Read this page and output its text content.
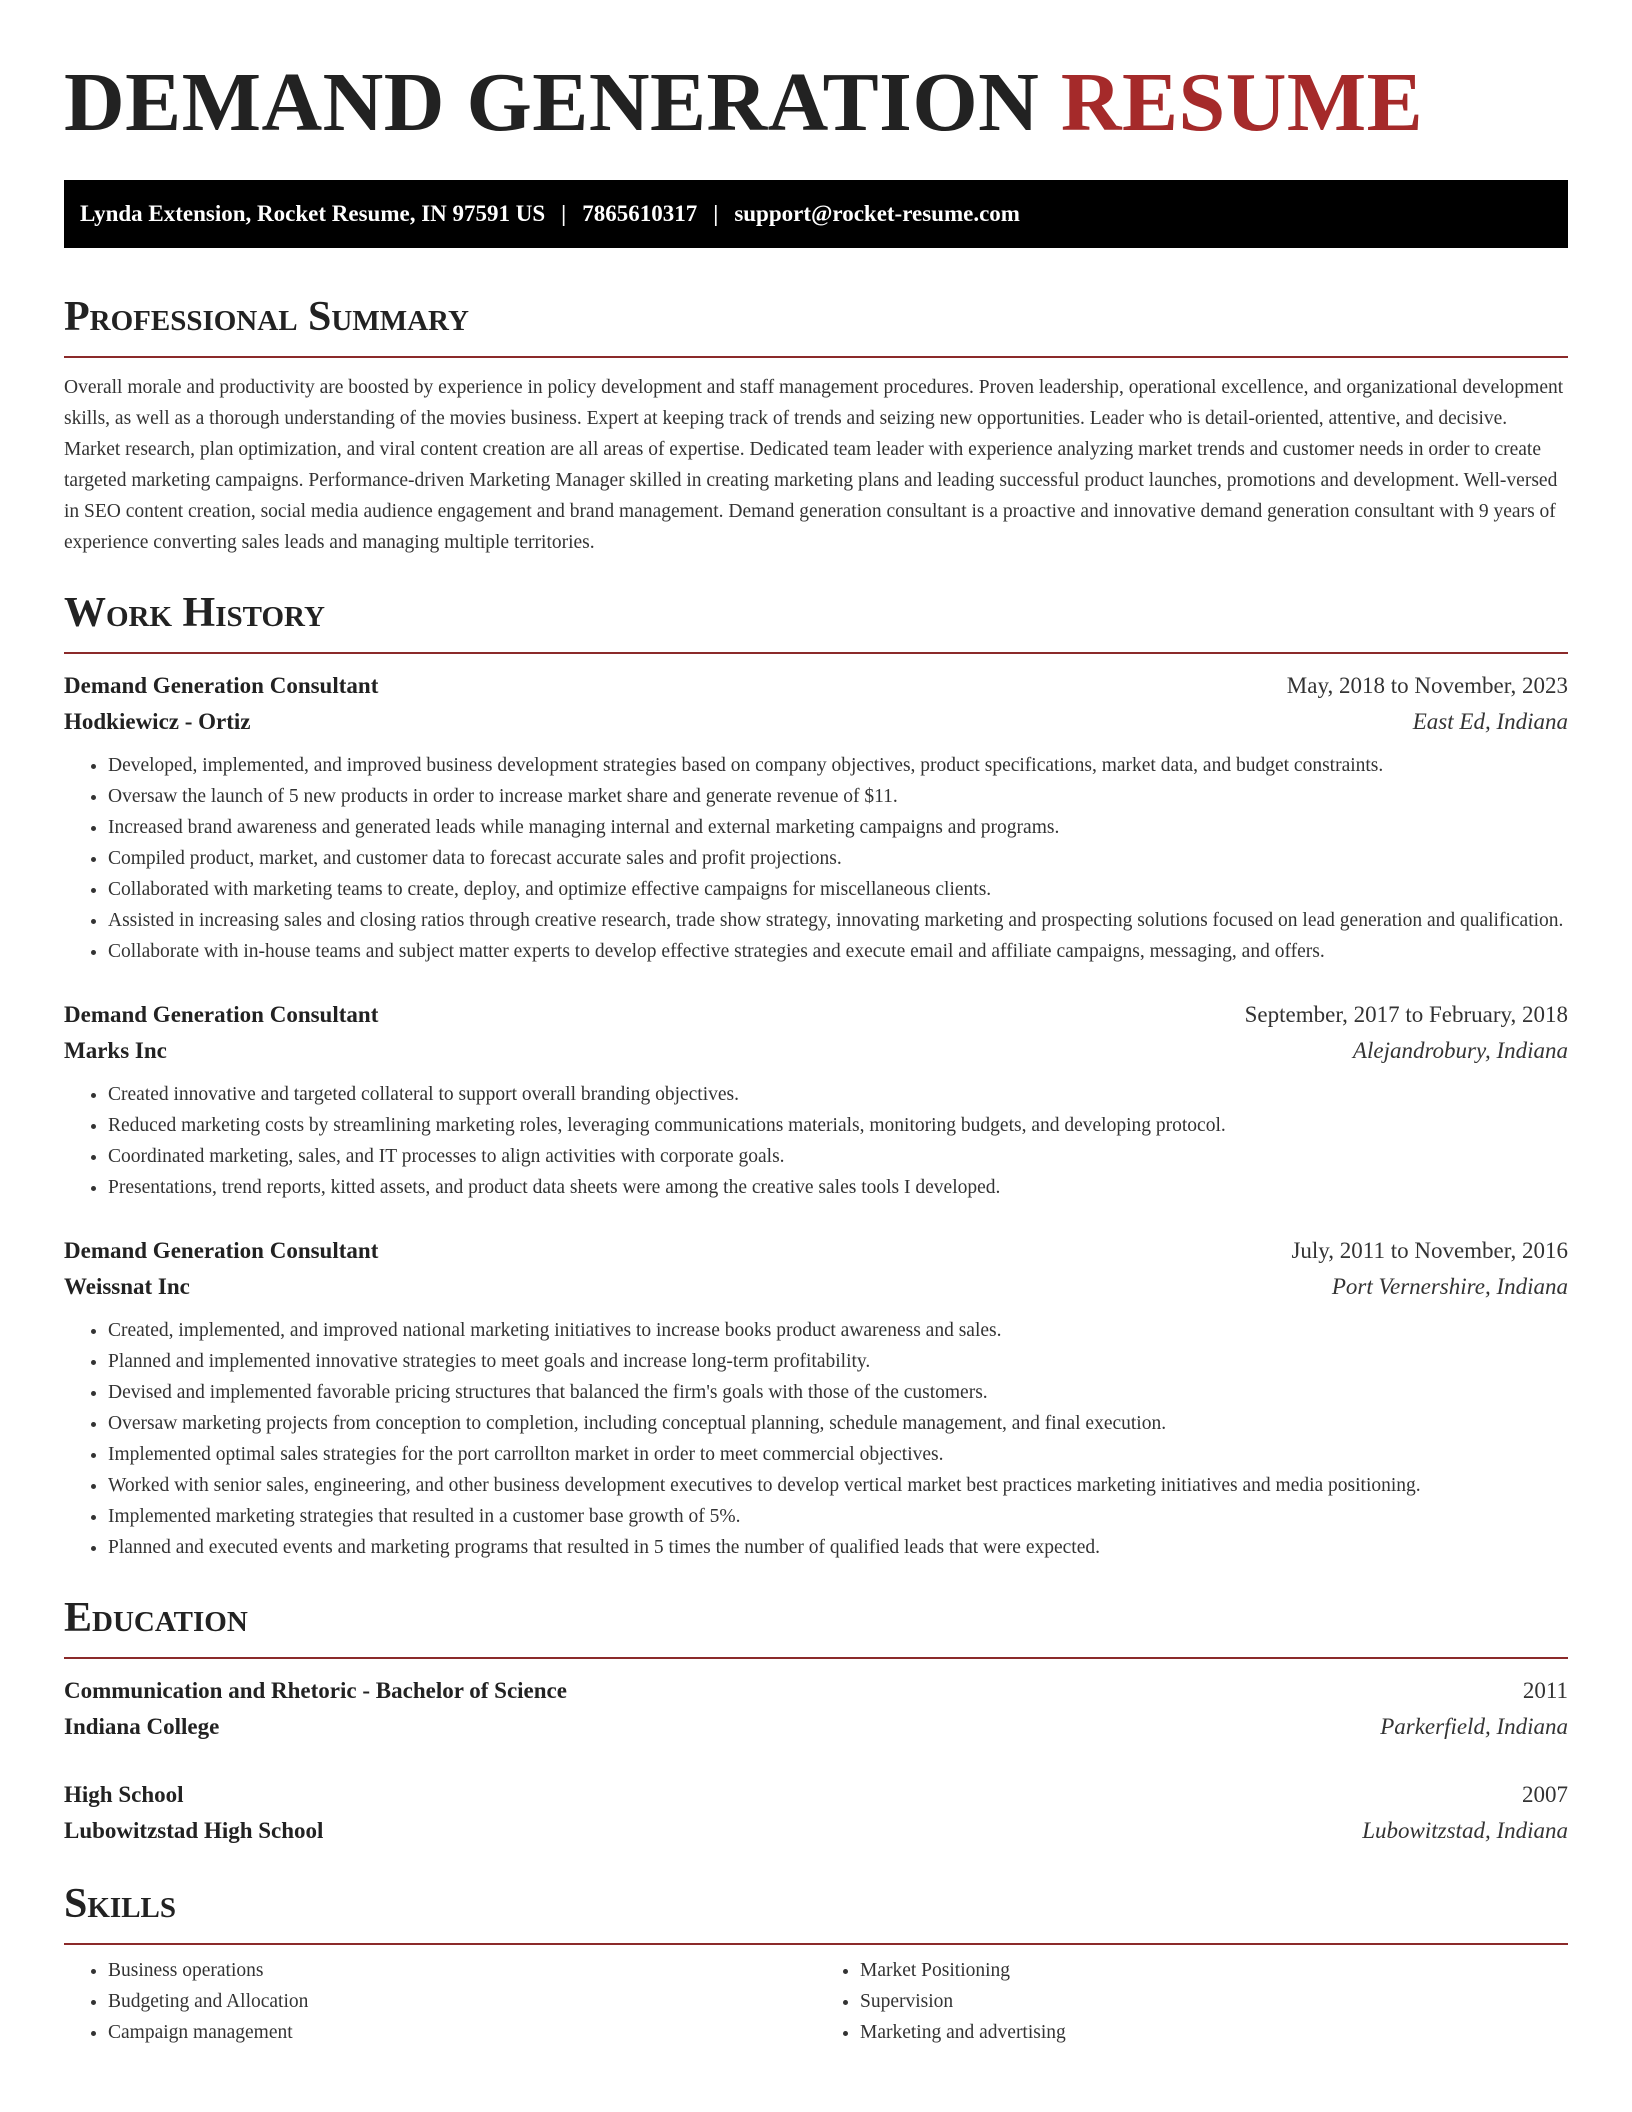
DEMAND GENERATION RESUME
Lynda Extension, Rocket Resume, IN 97591 US | 7865610317 | support@rocket-resume.com
Professional Summary

Overall morale and productivity are boosted by experience in policy development and staff management procedures. Proven leadership, operational excellence, and organizational development skills, as well as a thorough understanding of the movies business. Expert at keeping track of trends and seizing new opportunities. Leader who is detail-oriented, attentive, and decisive. Market research, plan optimization, and viral content creation are all areas of expertise. Dedicated team leader with experience analyzing market trends and customer needs in order to create targeted marketing campaigns. Performance-driven Marketing Manager skilled in creating marketing plans and leading successful product launches, promotions and development. Well-versed in SEO content creation, social media audience engagement and brand management. Demand generation consultant is a proactive and innovative demand generation consultant with 9 years of experience converting sales leads and managing multiple territories.

Work History
Demand Generation Consultant	May, 2018 to November, 2023
Hodkiewicz - Ortiz	East Ed, Indiana
• Developed, implemented, and improved business development strategies based on company objectives, product specifications, market data, and budget constraints.
• Oversaw the launch of 5 new products in order to increase market share and generate revenue of $11.
• Increased brand awareness and generated leads while managing internal and external marketing campaigns and programs.
• Compiled product, market, and customer data to forecast accurate sales and profit projections.
• Collaborated with marketing teams to create, deploy, and optimize effective campaigns for miscellaneous clients.
• Assisted in increasing sales and closing ratios through creative research, trade show strategy, innovating marketing and prospecting solutions focused on lead generation and qualification.
• Collaborate with in-house teams and subject matter experts to develop effective strategies and execute email and affiliate campaigns, messaging, and offers.
Demand Generation Consultant	September, 2017 to February, 2018
Marks Inc	Alejandrobury, Indiana
• Created innovative and targeted collateral to support overall branding objectives.
• Reduced marketing costs by streamlining marketing roles, leveraging communications materials, monitoring budgets, and developing protocol.
• Coordinated marketing, sales, and IT processes to align activities with corporate goals.
• Presentations, trend reports, kitted assets, and product data sheets were among the creative sales tools I developed.
Demand Generation Consultant	July, 2011 to November, 2016
Weissnat Inc	Port Vernershire, Indiana
• Created, implemented, and improved national marketing initiatives to increase books product awareness and sales.
• Planned and implemented innovative strategies to meet goals and increase long-term profitability.
• Devised and implemented favorable pricing structures that balanced the firm's goals with those of the customers.
• Oversaw marketing projects from conception to completion, including conceptual planning, schedule management, and final execution.
• Implemented optimal sales strategies for the port carrollton market in order to meet commercial objectives.
• Worked with senior sales, engineering, and other business development executives to develop vertical market best practices marketing initiatives and media positioning.
• Implemented marketing strategies that resulted in a customer base growth of 5%.
• Planned and executed events and marketing programs that resulted in 5 times the number of qualified leads that were expected.
Education
Communication and Rhetoric - Bachelor of Science	2011
Indiana College	Parkerfield, Indiana
High School	2007
Lubowitzstad High School	Lubowitzstad, Indiana
Skills
• Business operations
• Budgeting and Allocation
• Campaign management
• Market Positioning
• Supervision
• Marketing and advertising
